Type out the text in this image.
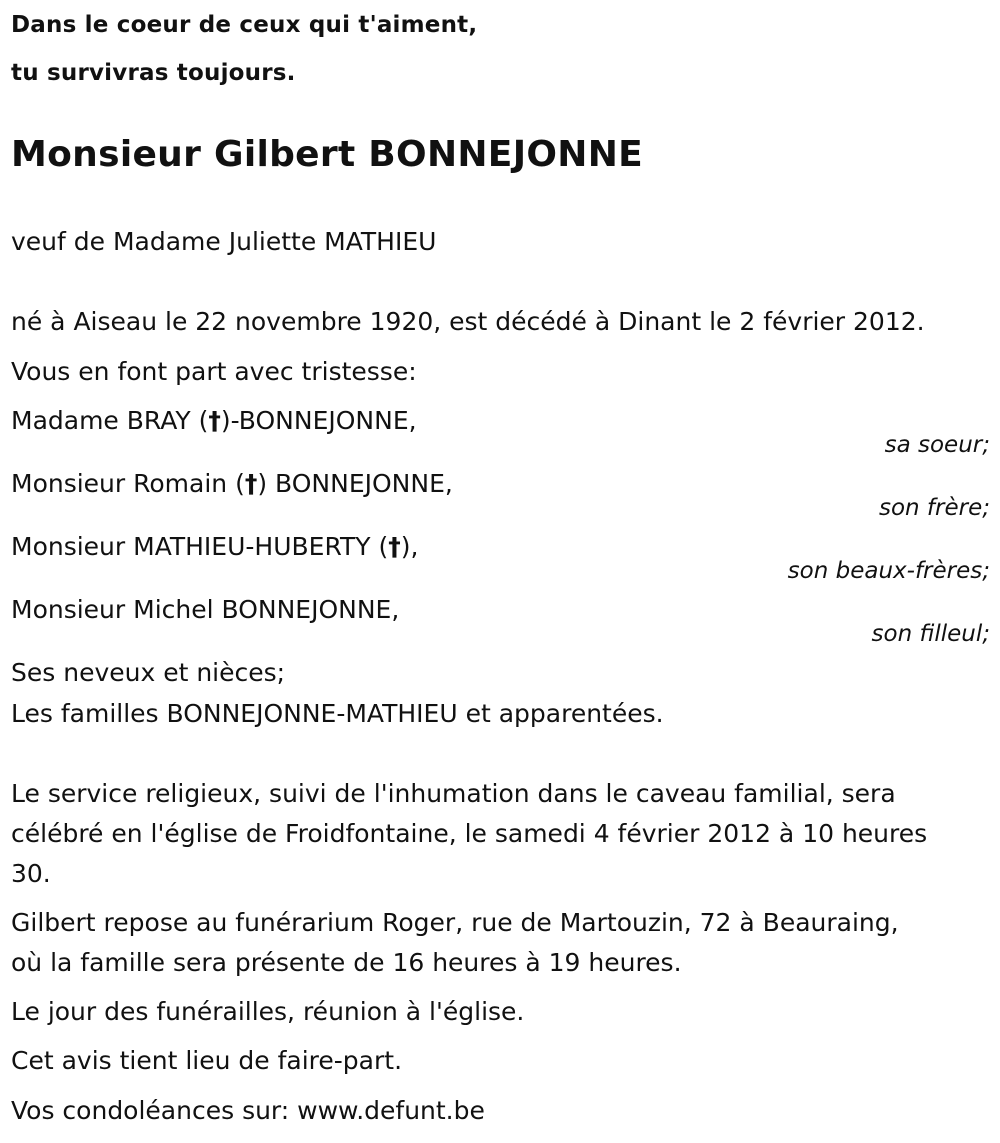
Dans le coeur de ceux qui t'aiment,
tu survivras toujours.
Monsieur Gilbert BONNEJONNE
veuf de Madame Juliette MATHIEU
né à Aiseau le 22 novembre 1920, est décédé à Dinant le 2 février 2012.
Vous en font part avec tristesse:
Madame BRAY (†)-BONNEJONNE,
sa soeur;
Monsieur Romain (†) BONNEJONNE,
son frère;
Monsieur MATHIEU-HUBERTY (†),
son beaux-frères;
Monsieur Michel BONNEJONNE,
son filleul;
Ses neveux et nièces;
Les familles BONNEJONNE-MATHIEU et apparentées.
Le service religieux, suivi de l'inhumation dans le caveau familial, sera
célébré en l'église de Froidfontaine, le samedi 4 février 2012 à 10 heures
30.
Gilbert repose au funérarium Roger, rue de Martouzin, 72 à Beauraing,
où la famille sera présente de 16 heures à 19 heures.
Le jour des funérailles, réunion à l'église.
Cet avis tient lieu de faire-part.
Vos condoléances sur: www.defunt.be
